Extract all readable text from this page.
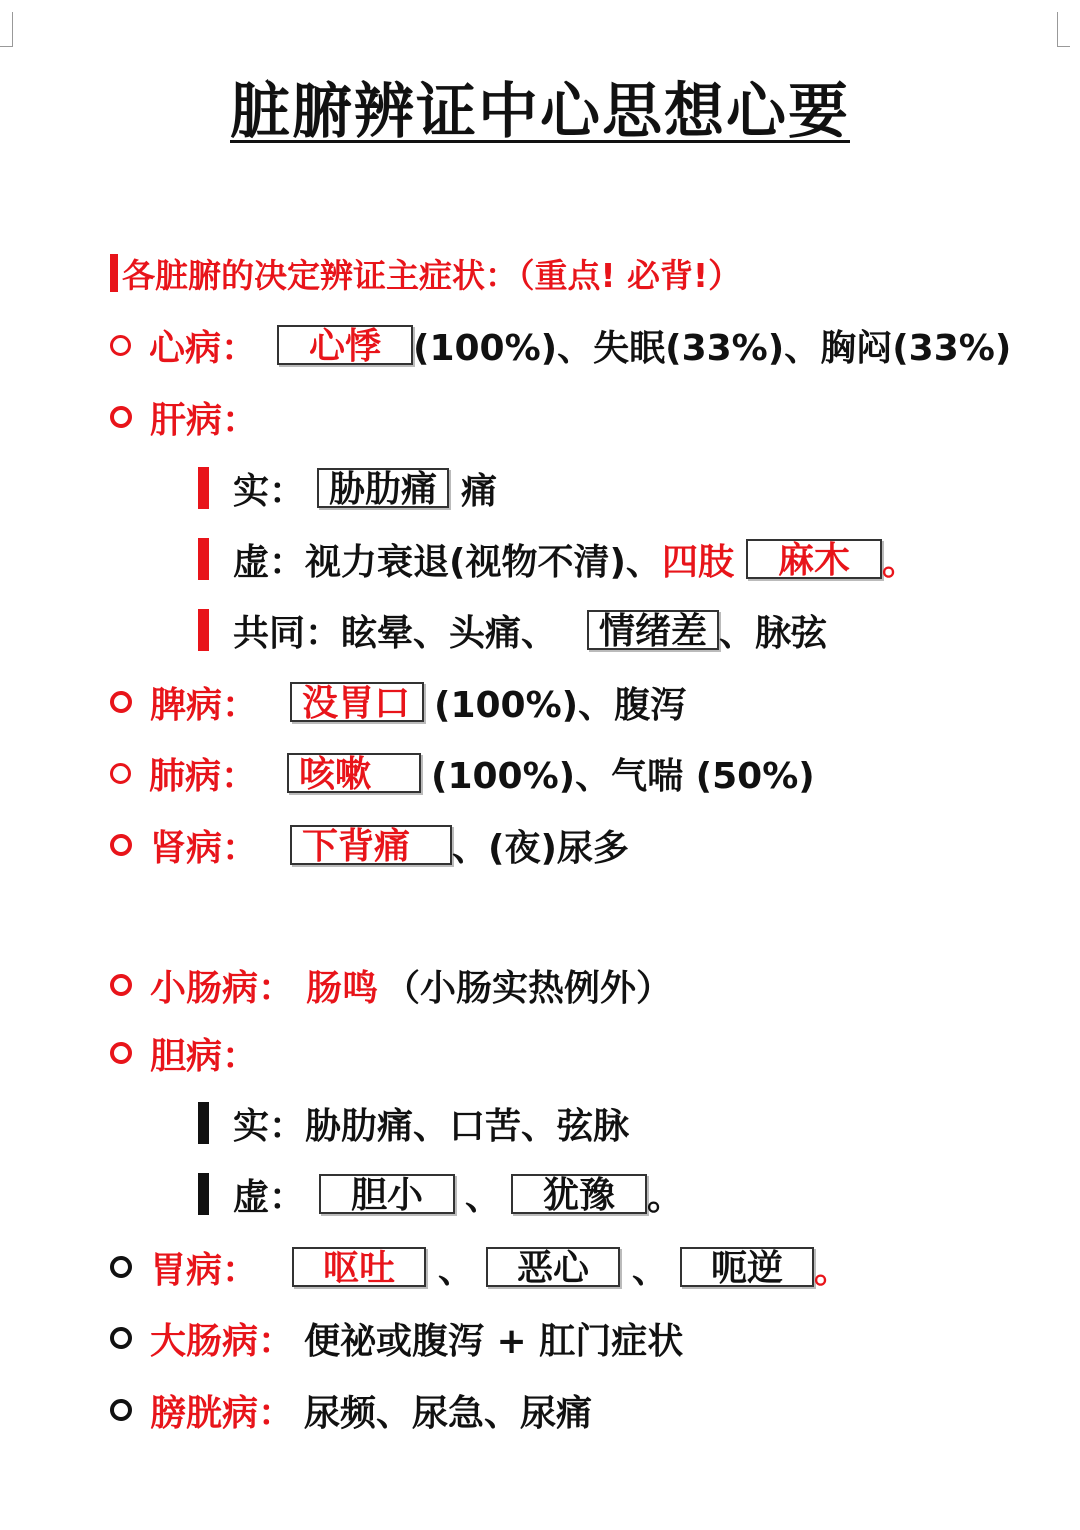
脏腑辨证中心思想心要
各脏腑的决定辨证主症状：（重点! 必背!）
心病：	心悸 (100%)、失眠(33%)、胸闷(33%)
肝病：
实： 胁肋痛 痛
虚： 视力衰退(视物不清)、 四肢	麻木 。
共同： 眩晕、头痛、	情绪差 、脉弦
脾病：	没胃口 (100%)、腹泻
肺病：	咳嗽	(100%)、气喘 (50%)
肾病：	下背痛	、(夜)尿多
小肠病： 肠鸣 （小肠实热例外）
胆病：
实： 胁肋痛、口苦、弦脉
虚：	胆小	、	犹豫 。
胃病：	呕吐	、	恶心	、	呃逆 。
大肠病： 便祕或腹泻 + 肛门症状
膀胱病： 尿频、尿急、尿痛
